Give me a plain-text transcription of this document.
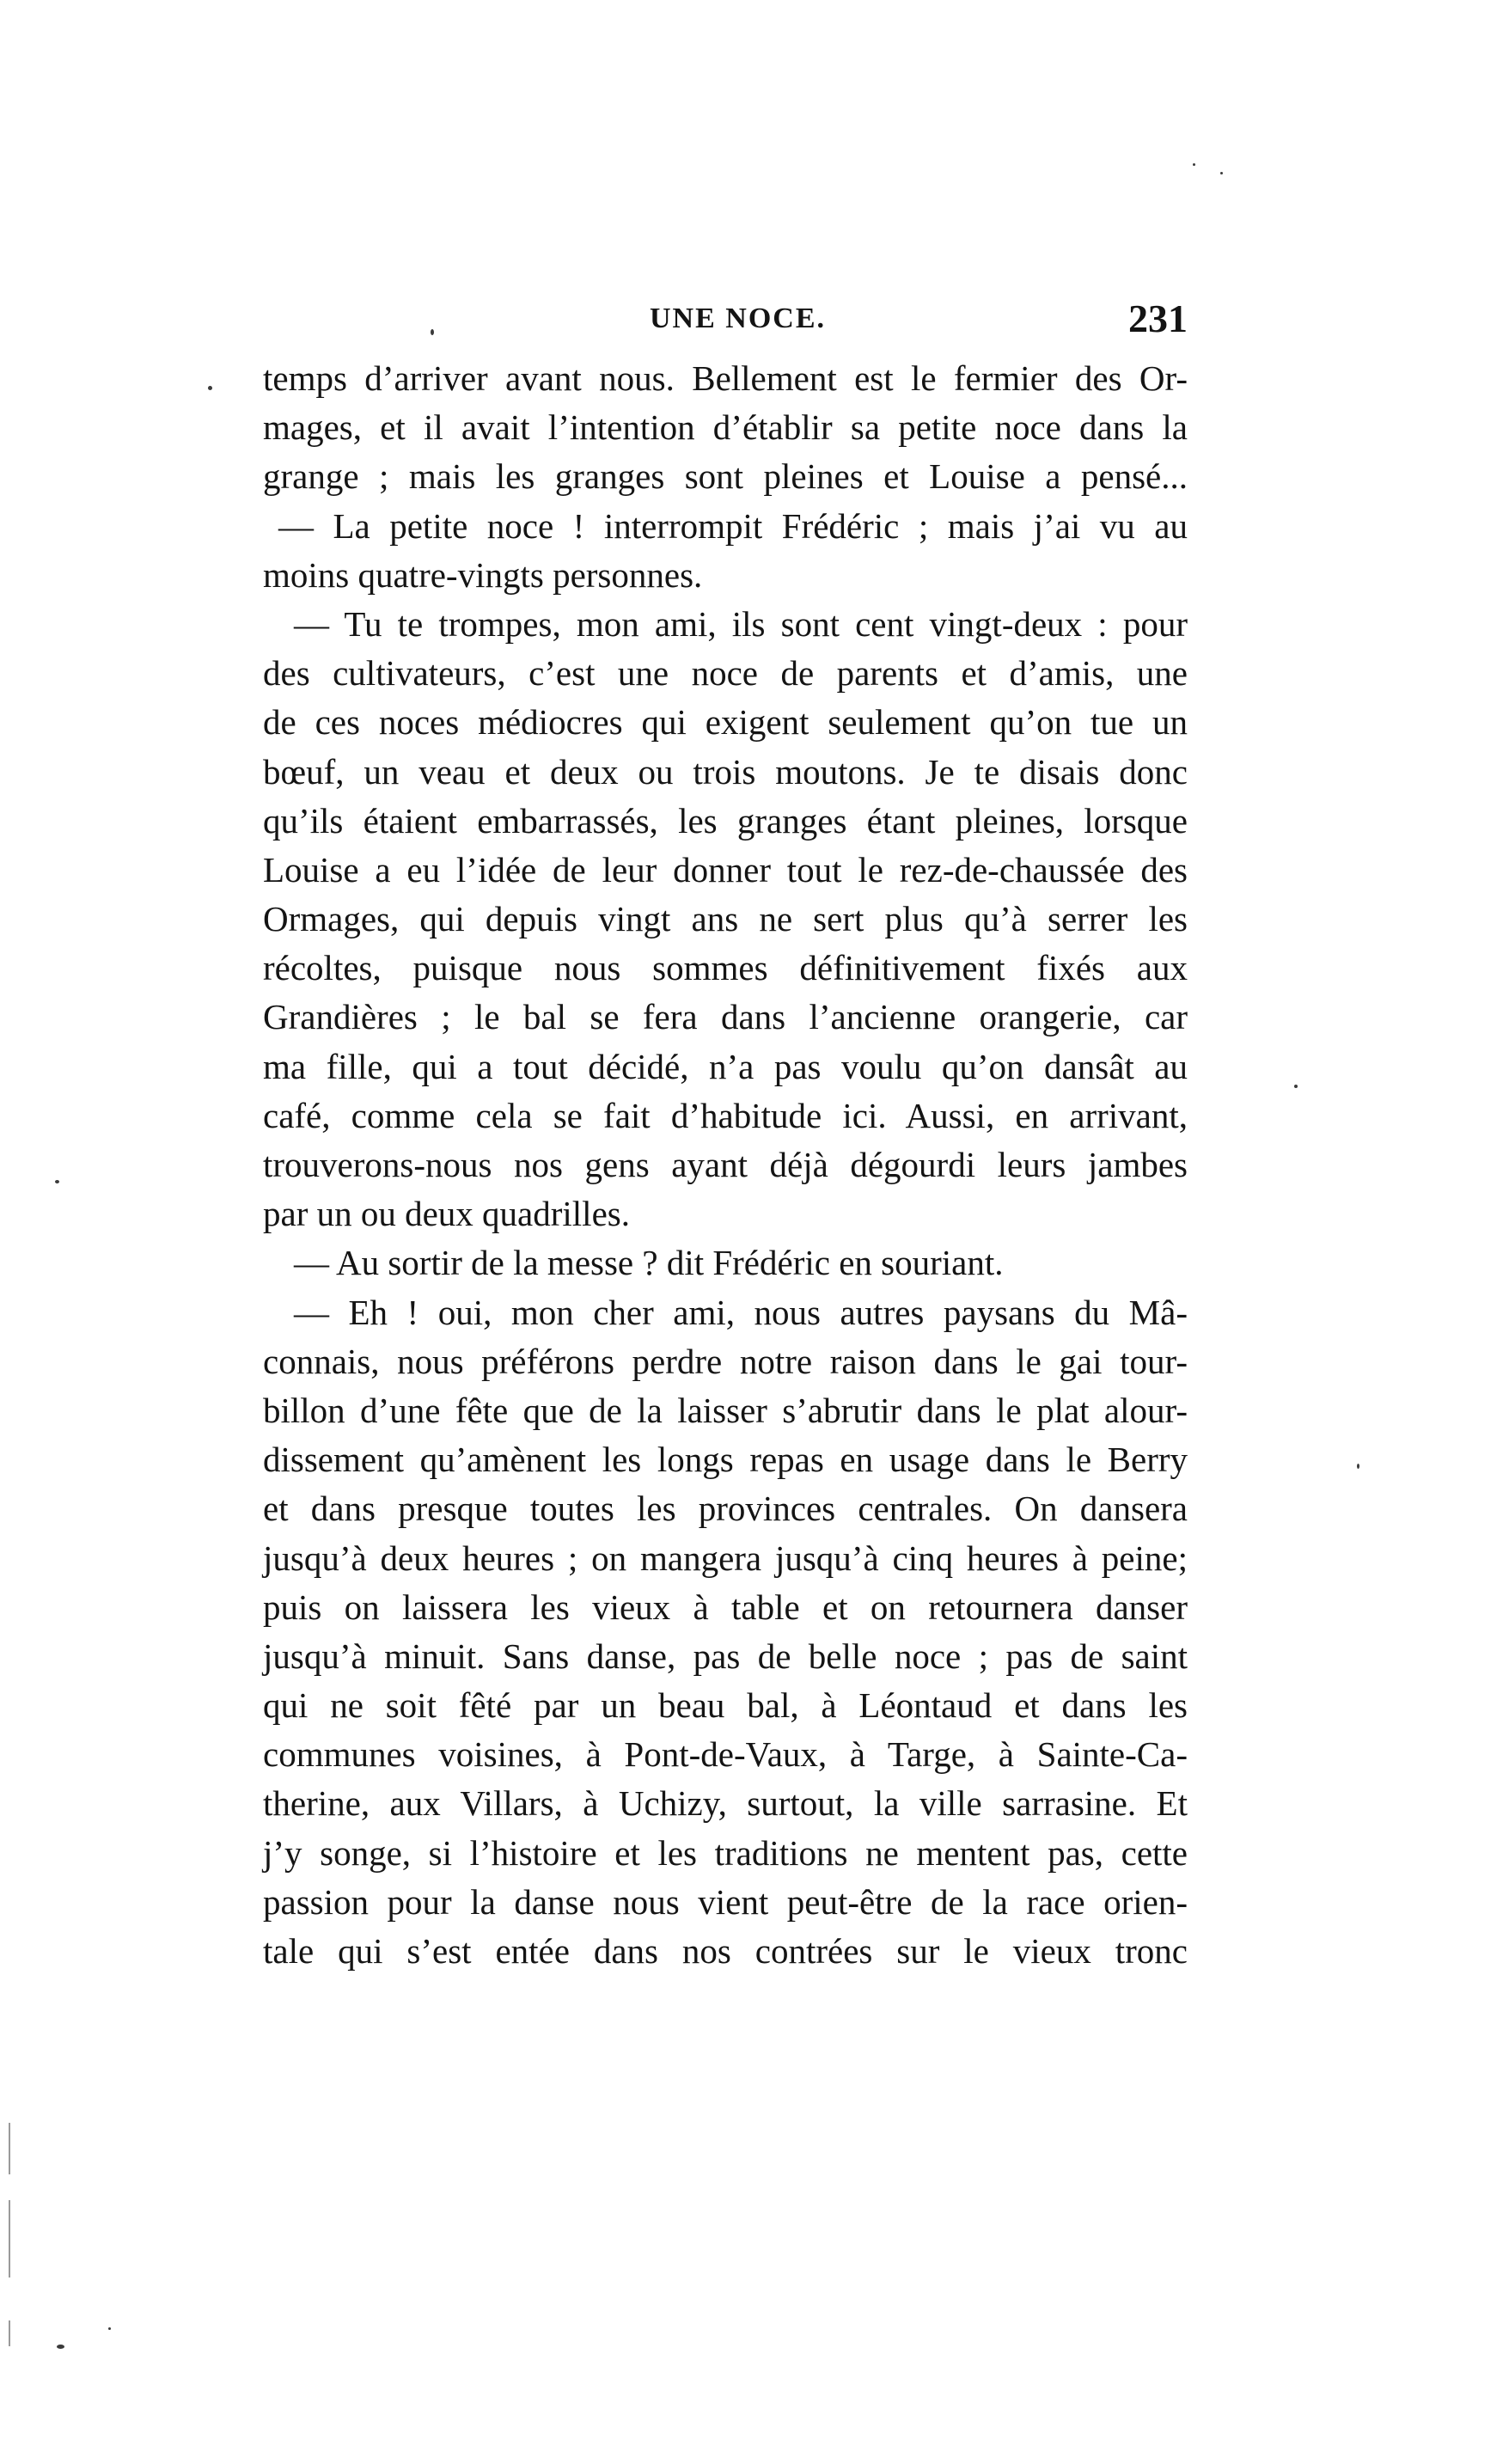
UNE NOCE.	231
temps d’arriver avant nous. Bellement est le fermier des Or-
mages, et il avait l’intention d’établir sa petite noce dans la
grange ; mais les granges sont pleines et Louise a pensé...
— La petite noce ! interrompit Frédéric ; mais j’ai vu au
moins quatre-vingts personnes.
— Tu te trompes, mon ami, ils sont cent vingt-deux : pour
des cultivateurs, c’est une noce de parents et d’amis, une
de ces noces médiocres qui exigent seulement qu’on tue un
bœuf, un veau et deux ou trois moutons. Je te disais donc
qu’ils étaient embarrassés, les granges étant pleines, lorsque
Louise a eu l’idée de leur donner tout le rez-de-chaussée des
Ormages, qui depuis vingt ans ne sert plus qu’à serrer les
récoltes, puisque nous sommes définitivement fixés aux
Grandières ; le bal se fera dans l’ancienne orangerie, car
ma fille, qui a tout décidé, n’a pas voulu qu’on dansât au
café, comme cela se fait d’habitude ici. Aussi, en arrivant,
trouverons-nous nos gens ayant déjà dégourdi leurs jambes
par un ou deux quadrilles.
— Au sortir de la messe ? dit Frédéric en souriant.
— Eh ! oui, mon cher ami, nous autres paysans du Mâ-
connais, nous préférons perdre notre raison dans le gai tour-
billon d’une fête que de la laisser s’abrutir dans le plat alour-
dissement qu’amènent les longs repas en usage dans le Berry
et dans presque toutes les provinces centrales. On dansera
jusqu’à deux heures ; on mangera jusqu’à cinq heures à peine;
puis on laissera les vieux à table et on retournera danser
jusqu’à minuit. Sans danse, pas de belle noce ; pas de saint
qui ne soit fêté par un beau bal, à Léontaud et dans les
communes voisines, à Pont-de-Vaux, à Targe, à Sainte-Ca-
therine, aux Villars, à Uchizy, surtout, la ville sarrasine. Et
j’y songe, si l’histoire et les traditions ne mentent pas, cette
passion pour la danse nous vient peut-être de la race orien-
tale qui s’est entée dans nos contrées sur le vieux tronc
